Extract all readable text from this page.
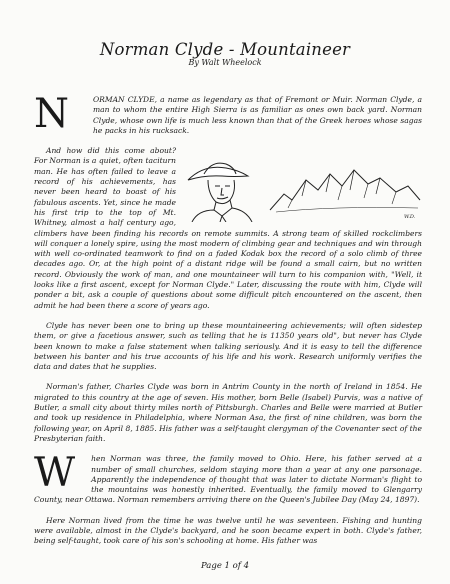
Norman Clyde - Mountaineer
By Walt Wheelock

N	ORMAN CLYDE, a name as legendary as that of Fremont or Muir. Norman Clyde, a man to whom the entire High Sierra is as familiar as ones own back yard. Norman Clyde, whose own life is much less known than that of the Greek heroes whose sagas he packs in his rucksack.

W.D.
And how did this come about? For Norman is a quiet, often taciturn man. He has often failed to leave a record of his achievements, has never been heard to boast of his fabulous ascents. Yet, since he made his first trip to the top of Mt. Whitney, almost a half century ago, climbers have been finding his records on remote summits. A strong team of skilled rockclimbers will conquer a lonely spire, using the most modern of climbing gear and techniques and win through with well co-ordinated teamwork to find on a faded Kodak box the record of a solo climb of three decades ago. Or, at the high point of a distant ridge will be found a small cairn, but no written record. Obviously the work of man, and one mountaineer will turn to his companion with, "Well, it looks like a first ascent, except for Norman Clyde." Later, discussing the route with him, Clyde will ponder a bit, ask a couple of questions about some difficult pitch encountered on the ascent, then admit he had been there a score of years ago.

Clyde has never been one to bring up these mountaineering achievements; will often sidestep them, or give a facetious answer, such as telling that he is 11350 years old", but never has Clyde been known to make a false statement when talking seriously. And it is easy to tell the difference between his banter and his true accounts of his life and his work. Research uniformly verifies the data and dates that he supplies.

Norman's father, Charles Clyde was born in Antrim County in the north of Ireland in 1854. He migrated to this country at the age of seven. His mother, born Belle (Isabel) Purvis, was a native of Butler, a small city about thirty miles north of Pittsburgh. Charles and Belle were married at Butler and took up residence in Philadelphia, where Norman Asa, the first of nine children, was born the following year, on April 8, 1885. His father was a self-taught clergyman of the Covenanter sect of the Presbyterian faith.

W hen Norman was three, the family moved to Ohio. Here, his father served at a number of small churches, seldom staying more than a year at any one parsonage. Apparently the independence of thought that was later to dictate Norman's flight to the mountains was honestly inherited. Eventually, the family moved to Glengarry County, near Ottawa. Norman remembers arriving there on the Queen's Jubilee Day (May 24, 1897).

Here Norman lived from the time he was twelve until he was seventeen. Fishing and hunting were available, almost in the Clyde's backyard, and he soon became expert in both. Clyde's father, being self-taught, took care of his son's schooling at home. His father was

Page 1 of 4
